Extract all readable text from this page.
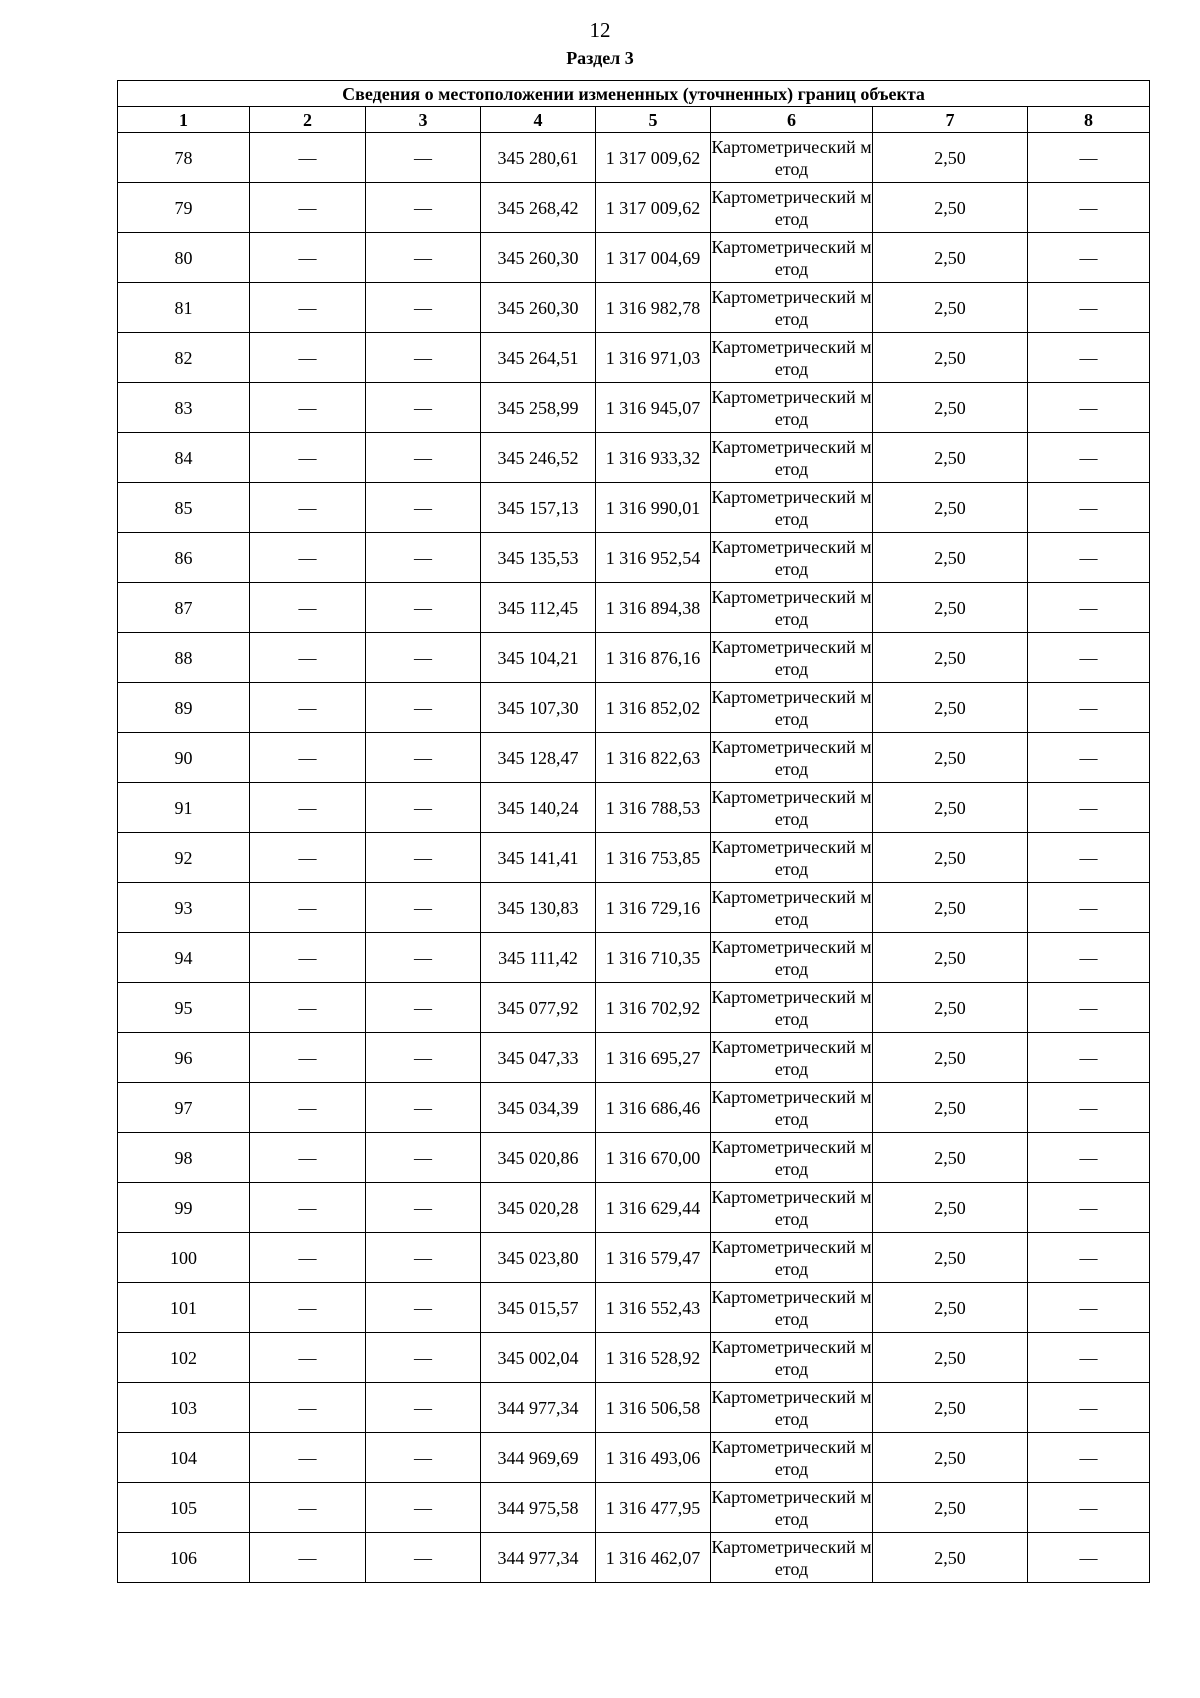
12
Раздел 3
Сведения о местоположении измененных (уточненных) границ объекта							
1	2	3	4	5	6	7	8
78	—	—	345 280,61	1 317 009,62	Картометрический метод	2,50	—
79	—	—	345 268,42	1 317 009,62	Картометрический метод	2,50	—
80	—	—	345 260,30	1 317 004,69	Картометрический метод	2,50	—
81	—	—	345 260,30	1 316 982,78	Картометрический метод	2,50	—
82	—	—	345 264,51	1 316 971,03	Картометрический метод	2,50	—
83	—	—	345 258,99	1 316 945,07	Картометрический метод	2,50	—
84	—	—	345 246,52	1 316 933,32	Картометрический метод	2,50	—
85	—	—	345 157,13	1 316 990,01	Картометрический метод	2,50	—
86	—	—	345 135,53	1 316 952,54	Картометрический метод	2,50	—
87	—	—	345 112,45	1 316 894,38	Картометрический метод	2,50	—
88	—	—	345 104,21	1 316 876,16	Картометрический метод	2,50	—
89	—	—	345 107,30	1 316 852,02	Картометрический метод	2,50	—
90	—	—	345 128,47	1 316 822,63	Картометрический метод	2,50	—
91	—	—	345 140,24	1 316 788,53	Картометрический метод	2,50	—
92	—	—	345 141,41	1 316 753,85	Картометрический метод	2,50	—
93	—	—	345 130,83	1 316 729,16	Картометрический метод	2,50	—
94	—	—	345 111,42	1 316 710,35	Картометрический метод	2,50	—
95	—	—	345 077,92	1 316 702,92	Картометрический метод	2,50	—
96	—	—	345 047,33	1 316 695,27	Картометрический метод	2,50	—
97	—	—	345 034,39	1 316 686,46	Картометрический метод	2,50	—
98	—	—	345 020,86	1 316 670,00	Картометрический метод	2,50	—
99	—	—	345 020,28	1 316 629,44	Картометрический метод	2,50	—
100	—	—	345 023,80	1 316 579,47	Картометрический метод	2,50	—
101	—	—	345 015,57	1 316 552,43	Картометрический метод	2,50	—
102	—	—	345 002,04	1 316 528,92	Картометрический метод	2,50	—
103	—	—	344 977,34	1 316 506,58	Картометрический метод	2,50	—
104	—	—	344 969,69	1 316 493,06	Картометрический метод	2,50	—
105	—	—	344 975,58	1 316 477,95	Картометрический метод	2,50	—
106	—	—	344 977,34	1 316 462,07	Картометрический метод	2,50	—
